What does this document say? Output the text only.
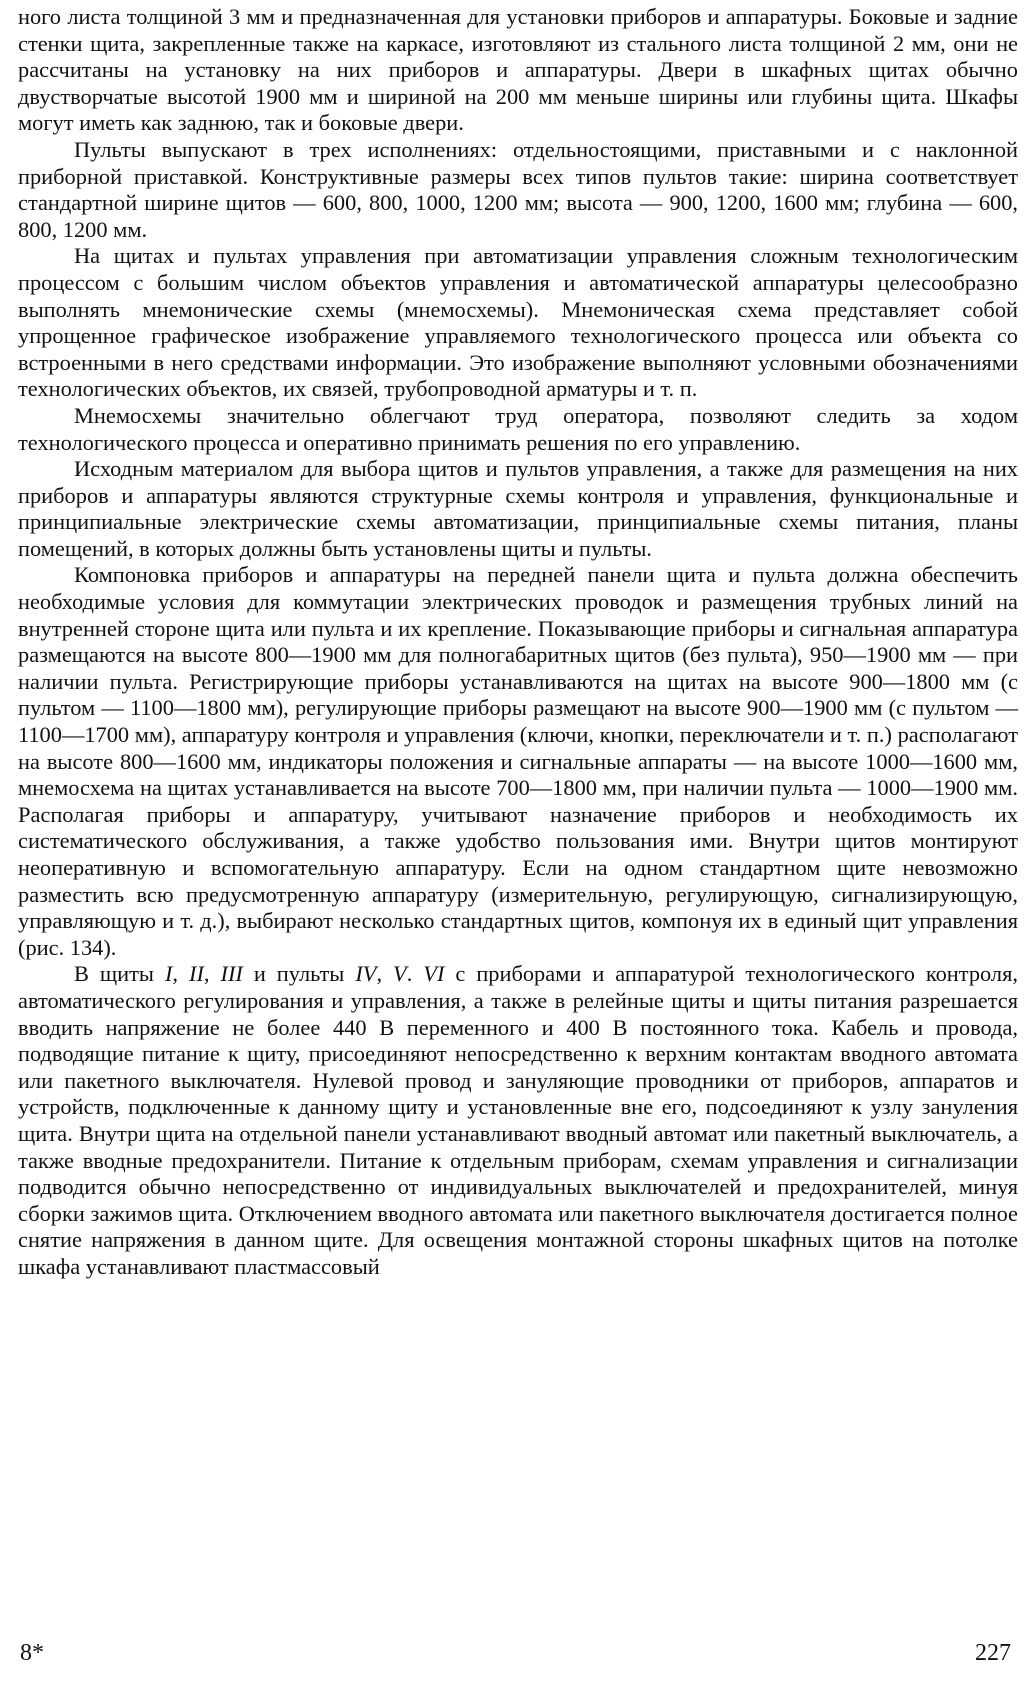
ного листа толщиной 3 мм и предназначенная для установки приборов и аппаратуры. Боковые и задние стенки щита, закрепленные также на каркасе, изготовляют из стального листа толщиной 2 мм, они не рассчитаны на установку на них приборов и аппаратуры. Двери в шкафных щитах обычно двустворчатые высотой 1900 мм и шириной на 200 мм меньше ширины или глубины щита. Шкафы могут иметь как заднюю, так и боковые двери.

Пульты выпускают в трех исполнениях: отдельностоящими, приставными и с наклонной приборной приставкой. Конструктивные размеры всех типов пультов такие: ширина соответствует стандартной ширине щитов — 600, 800, 1000, 1200 мм; высота — 900, 1200, 1600 мм; глубина — 600, 800, 1200 мм.

На щитах и пультах управления при автоматизации управления сложным технологическим процессом с большим числом объектов управления и автоматической аппаратуры целесообразно выполнять мнемонические схемы (мнемосхемы). Мнемоническая схема представляет собой упрощенное графическое изображение управляемого технологического процесса или объекта со встроенными в него средствами информации. Это изображение выполняют условными обозначениями технологических объектов, их связей, трубопроводной арматуры и т. п.

Мнемосхемы значительно облегчают труд оператора, позволяют следить за ходом технологического процесса и оперативно принимать решения по его управлению.

Исходным материалом для выбора щитов и пультов управления, а также для размещения на них приборов и аппаратуры являются структурные схемы контроля и управления, функциональные и принципиальные электрические схемы автоматизации, принципиальные схемы питания, планы помещений, в которых должны быть установлены щиты и пульты.

Компоновка приборов и аппаратуры на передней панели щита и пульта должна обеспечить необходимые условия для коммутации электрических проводок и размещения трубных линий на внутренней стороне щита или пульта и их крепление. Показывающие приборы и сигнальная аппаратура размещаются на высоте 800—1900 мм для полногабаритных щитов (без пульта), 950—1900 мм — при наличии пульта. Регистрирующие приборы устанавливаются на щитах на высоте 900—1800 мм (с пультом — 1100—1800 мм), регулирующие приборы размещают на высоте 900—1900 мм (с пультом — 1100—1700 мм), аппаратуру контроля и управления (ключи, кнопки, переключатели и т. п.) располагают на высоте 800—1600 мм, индикаторы положения и сигнальные аппараты — на высоте 1000—1600 мм, мнемосхема на щитах устанавливается на высоте 700—1800 мм, при наличии пульта — 1000—1900 мм. Располагая приборы и аппаратуру, учитывают назначение приборов и необходимость их систематического обслуживания, а также удобство пользования ими. Внутри щитов монтируют неоперативную и вспомогательную аппаратуру. Если на одном стандартном щите невозможно разместить всю предусмотренную аппаратуру (измерительную, регулирующую, сигнализирующую, управляющую и т. д.), выбирают несколько стандартных щитов, компонуя их в единый щит управления (рис. 134).

В щиты I, II, III и пульты IV, V. VI с приборами и аппаратурой технологического контроля, автоматического регулирования и управления, а также в релейные щиты и щиты питания разрешается вводить напряжение не более 440 В переменного и 400 В постоянного тока. Кабель и провода, подводящие питание к щиту, присоединяют непосредственно к верхним контактам вводного автомата или пакетного выключателя. Нулевой провод и зануляющие проводники от приборов, аппаратов и устройств, подключенные к данному щиту и установленные вне его, подсоединяют к узлу зануления щита. Внутри щита на отдельной панели устанавливают вводный автомат или пакетный выключатель, а также вводные предохранители. Питание к отдельным приборам, схемам управления и сигнализации подводится обычно непосредственно от индивидуальных выключателей и предохранителей, минуя сборки зажимов щита. Отключением вводного автомата или пакетного выключателя достигается полное снятие напряжения в данном щите. Для освещения монтажной стороны шкафных щитов на потолке шкафа устанавливают пластмассовый

8*	227
